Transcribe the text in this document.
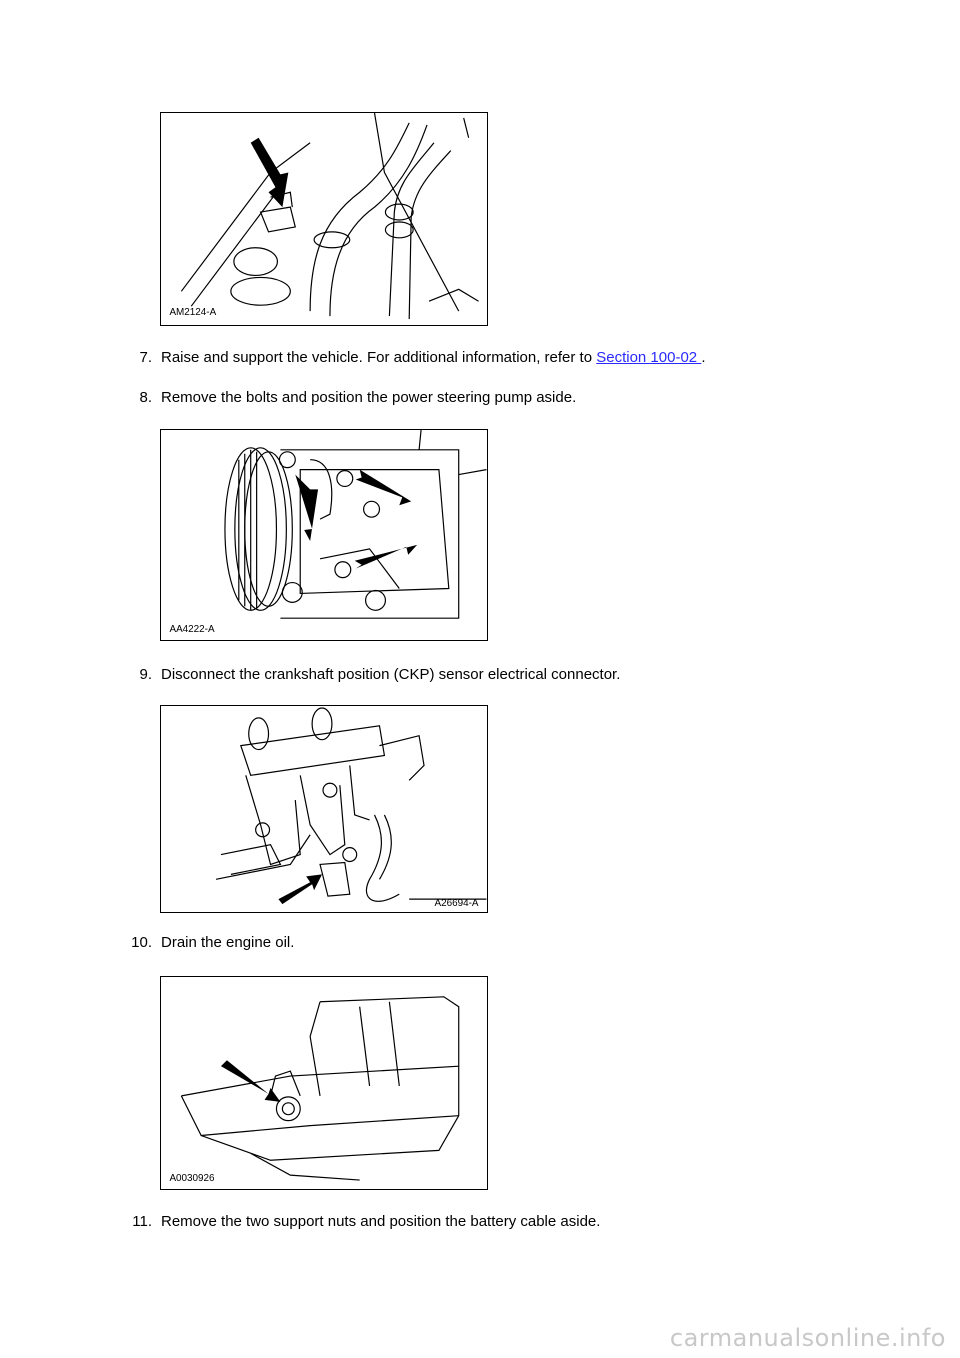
AM2124-A
7. Raise and support the vehicle. For additional information, refer to Section 100-02 .
8. Remove the bolts and position the power steering pump aside.
AA4222-A
9. Disconnect the crankshaft position (CKP) sensor electrical connector.
A26694-A
10. Drain the engine oil.
A0030926
11. Remove the two support nuts and position the battery cable aside.
carmanualsonline.info
